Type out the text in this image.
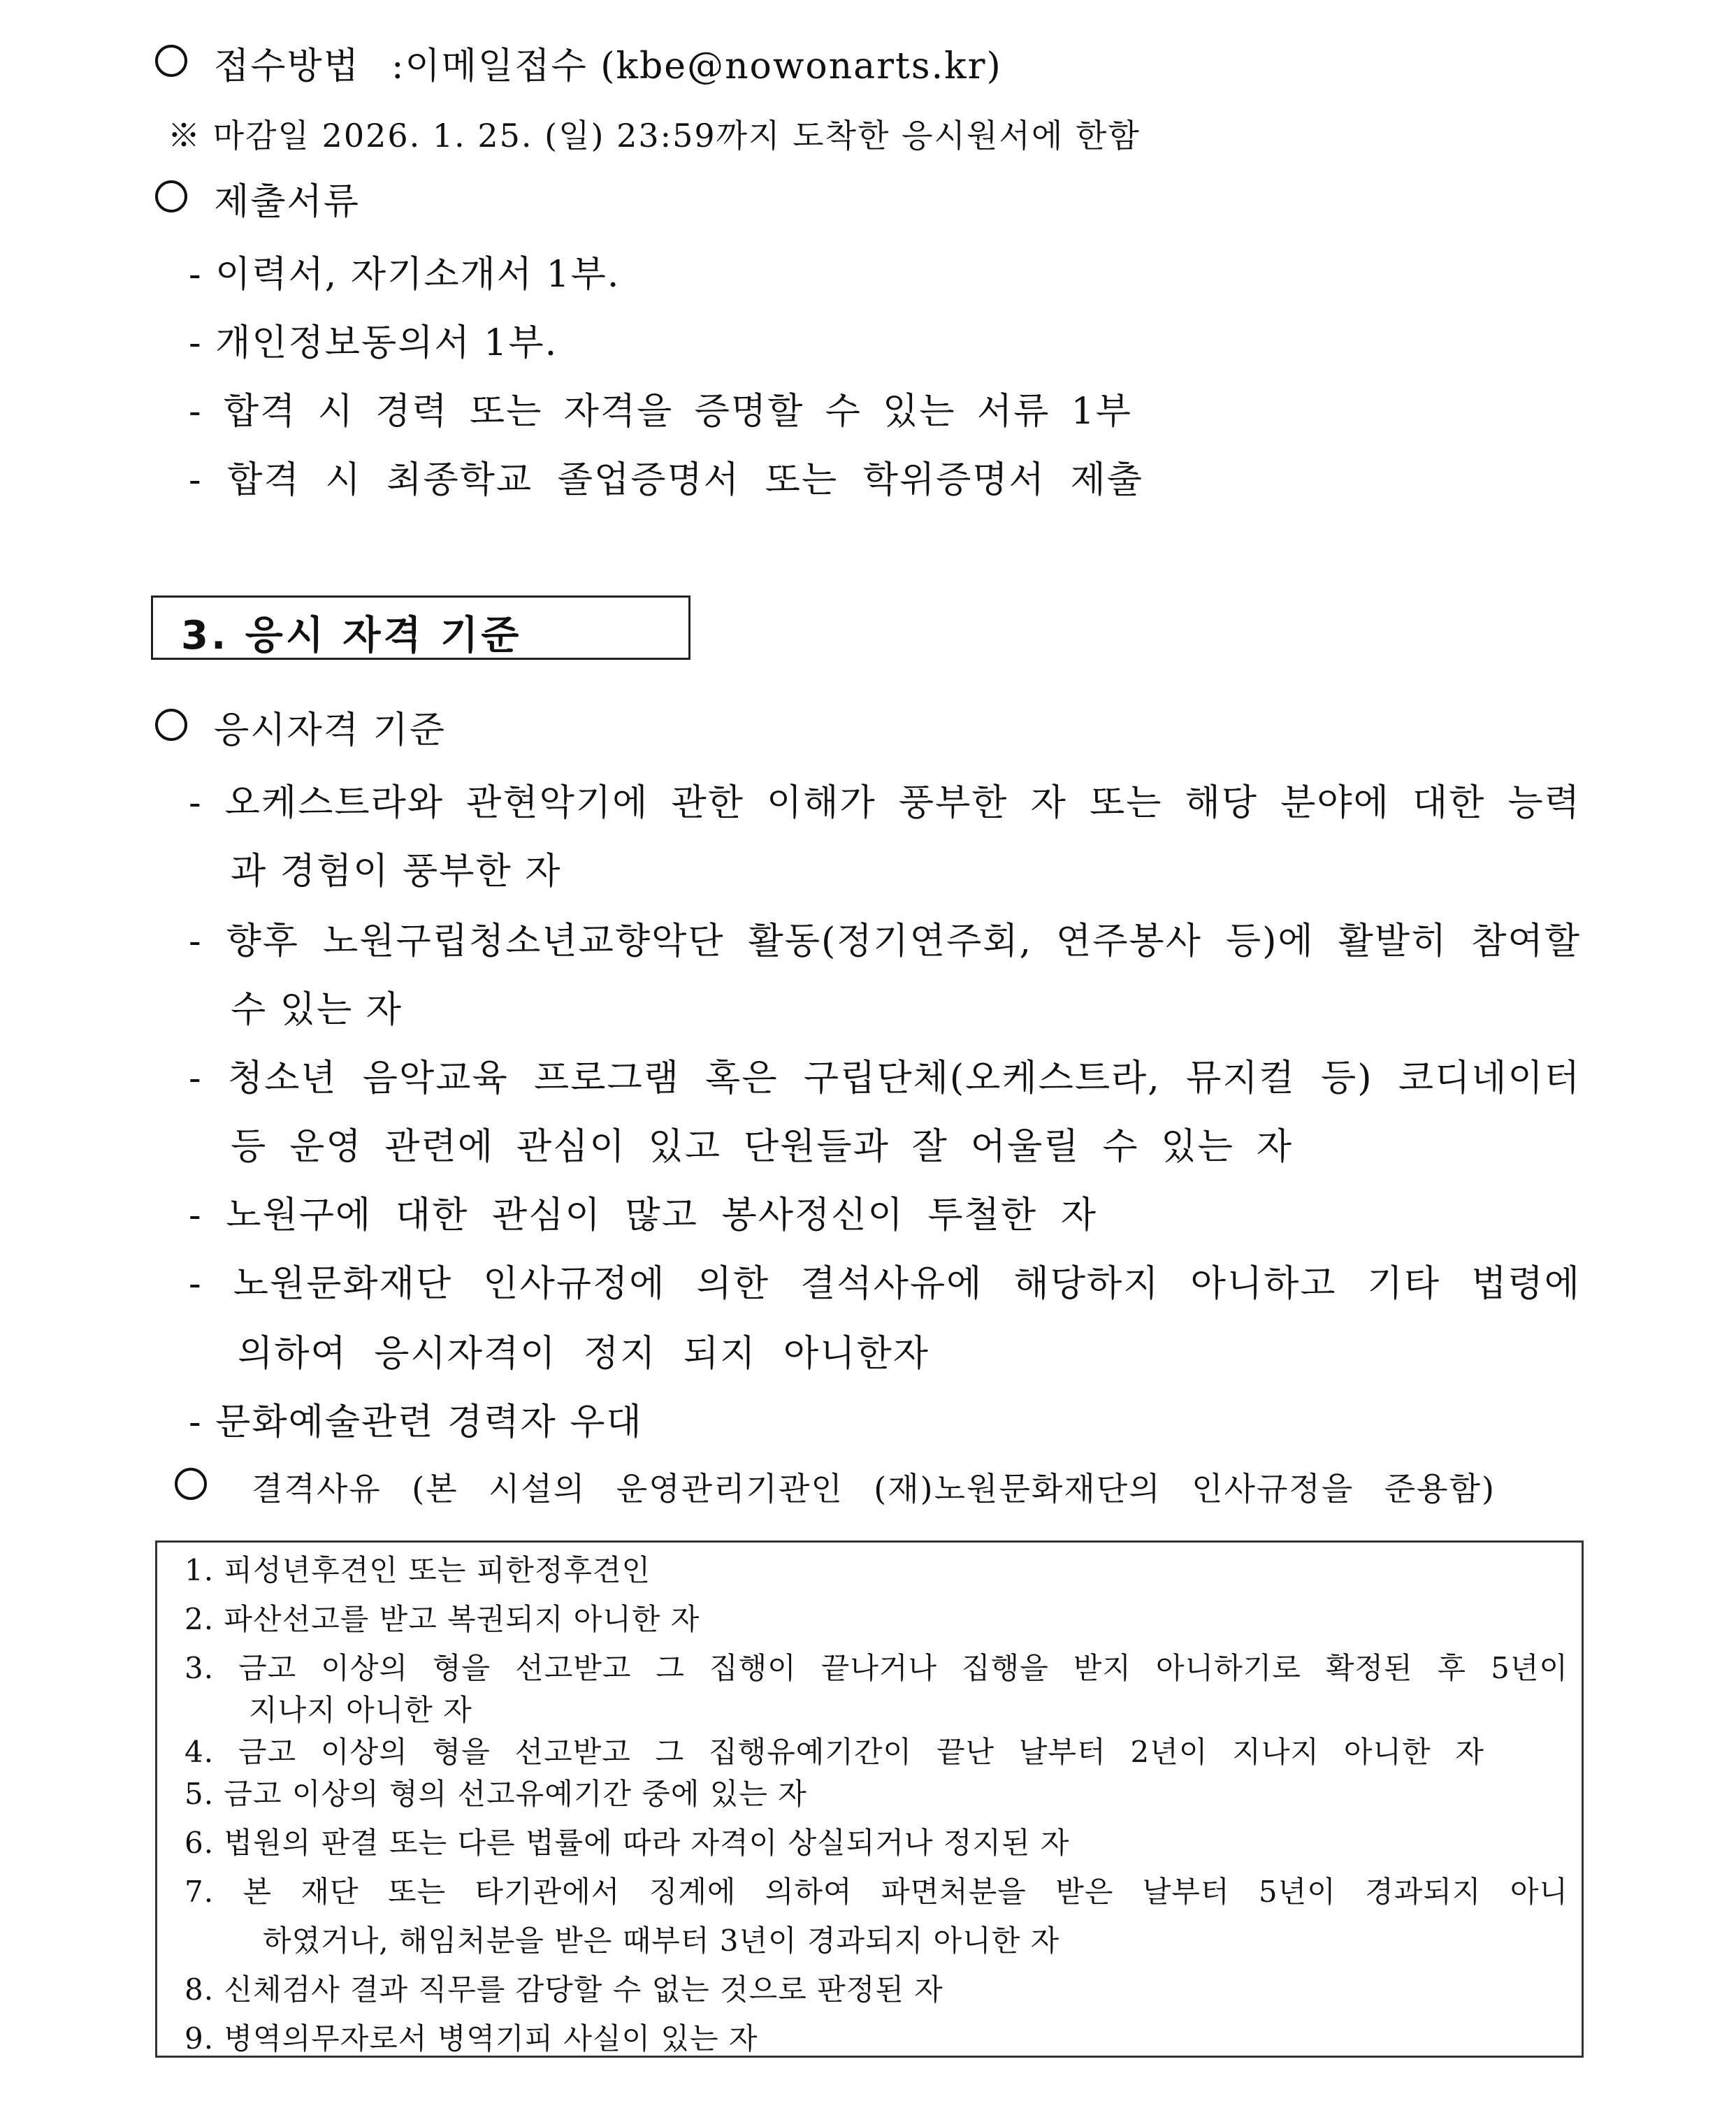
접수방법 :이메일접수 (kbe@nowonarts.kr)
※ 마감일 2026. 1. 25. (일) 23:59까지 도착한 응시원서에 한함
제출서류
- 이력서, 자기소개서 1부.
- 개인정보동의서 1부.
- 합격 시 경력 또는 자격을 증명할 수 있는 서류 1부
- 합격 시 최종학교 졸업증명서 또는 학위증명서 제출
3. 응시 자격 기준
응시자격 기준
- 오케스트라와 관현악기에 관한 이해가 풍부한 자 또는 해당 분야에 대한 능력
과 경험이 풍부한 자
- 향후 노원구립청소년교향악단 활동(정기연주회, 연주봉사 등)에 활발히 참여할
수 있는 자
- 청소년 음악교육 프로그램 혹은 구립단체(오케스트라, 뮤지컬 등) 코디네이터
등 운영 관련에 관심이 있고 단원들과 잘 어울릴 수 있는 자
- 노원구에 대한 관심이 많고 봉사정신이 투철한 자
- 노원문화재단 인사규정에 의한 결석사유에 해당하지 아니하고 기타 법령에
의하여 응시자격이 정지 되지 아니한자
- 문화예술관련 경력자 우대
결격사유 (본 시설의 운영관리기관인 (재)노원문화재단의 인사규정을 준용함)
1. 피성년후견인 또는 피한정후견인
2. 파산선고를 받고 복권되지 아니한 자
3. 금고 이상의 형을 선고받고 그 집행이 끝나거나 집행을 받지 아니하기로 확정된 후 5년이
지나지 아니한 자
4. 금고 이상의 형을 선고받고 그 집행유예기간이 끝난 날부터 2년이 지나지 아니한 자
5. 금고 이상의 형의 선고유예기간 중에 있는 자
6. 법원의 판결 또는 다른 법률에 따라 자격이 상실되거나 정지된 자
7. 본 재단 또는 타기관에서 징계에 의하여 파면처분을 받은 날부터 5년이 경과되지 아니
하였거나, 해임처분을 받은 때부터 3년이 경과되지 아니한 자
8. 신체검사 결과 직무를 감당할 수 없는 것으로 판정된 자
9. 병역의무자로서 병역기피 사실이 있는 자
